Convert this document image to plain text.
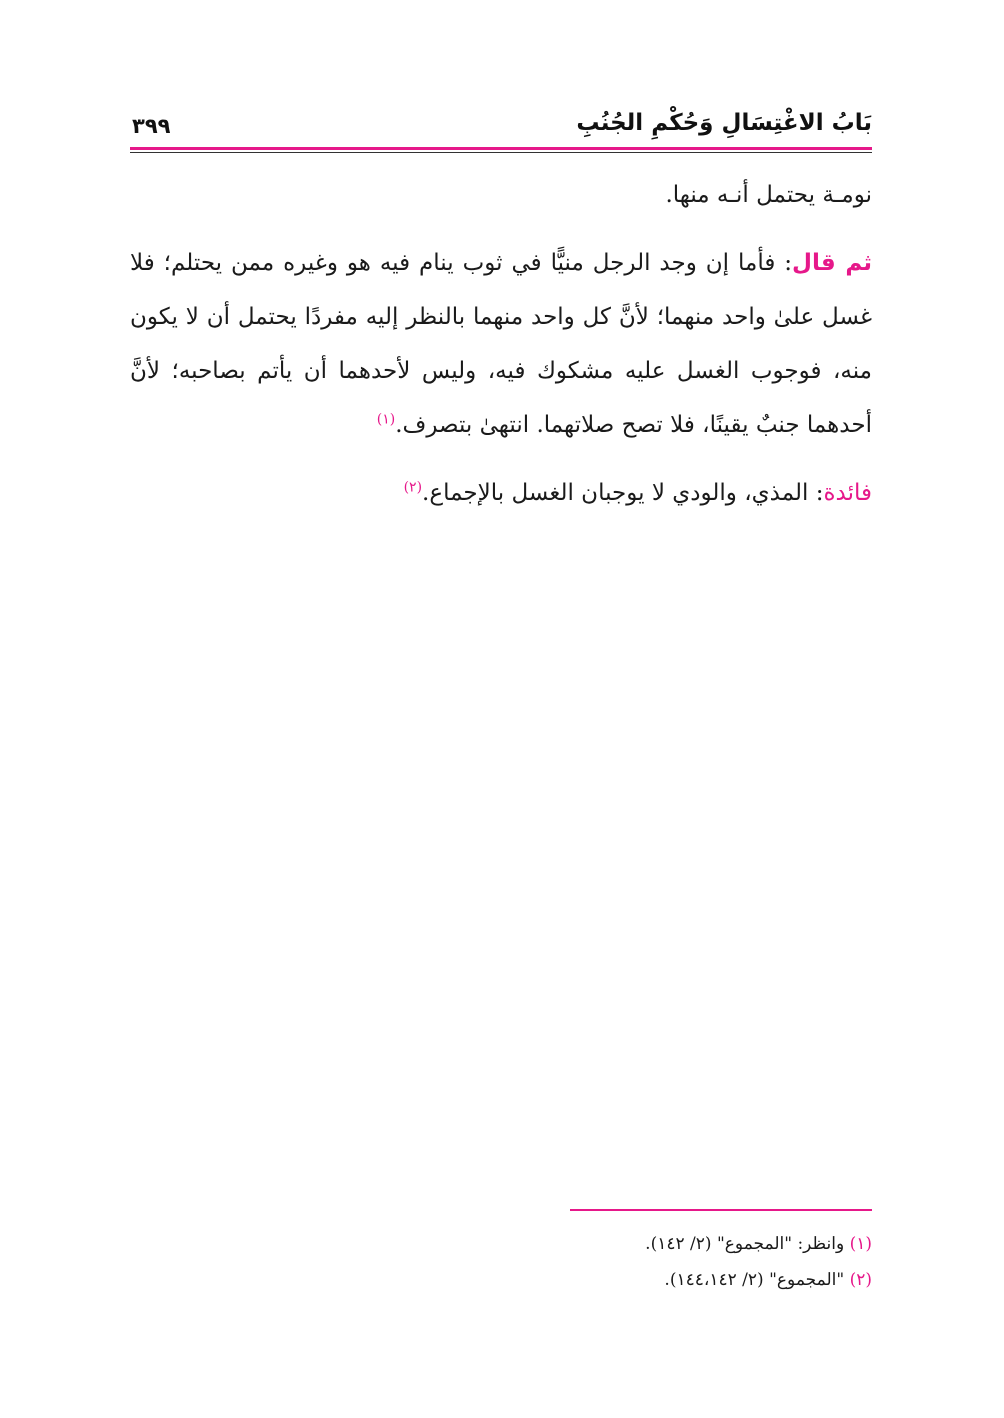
بَابُ الاغْتِسَالِ وَحُكْمِ الجُنُبِ
٣٩٩

نومـة يحتمل أنـه منها.

ثم قال: فأما إن وجد الرجل منيًّا في ثوب ينام فيه هو وغيره ممن يحتلم؛ فلا غسل علىٰ واحد منهما؛ لأنَّ كل واحد منهما بالنظر إليه مفردًا يحتمل أن لا يكون منه، فوجوب الغسل عليه مشكوك فيه، وليس لأحدهما أن يأتم بصاحبه؛ لأنَّ أحدهما جنبٌ يقينًا، فلا تصح صلاتهما. انتهىٰ بتصرف.$^{(١)}$

فائدة: المذي، والودي لا يوجبان الغسل بالإجماع.$^{(٢)}$

(١) وانظر: "المجموع" (٢/ ١٤٢).

(٢) "المجموع" (٢/ ١٤٤،١٤٢).
